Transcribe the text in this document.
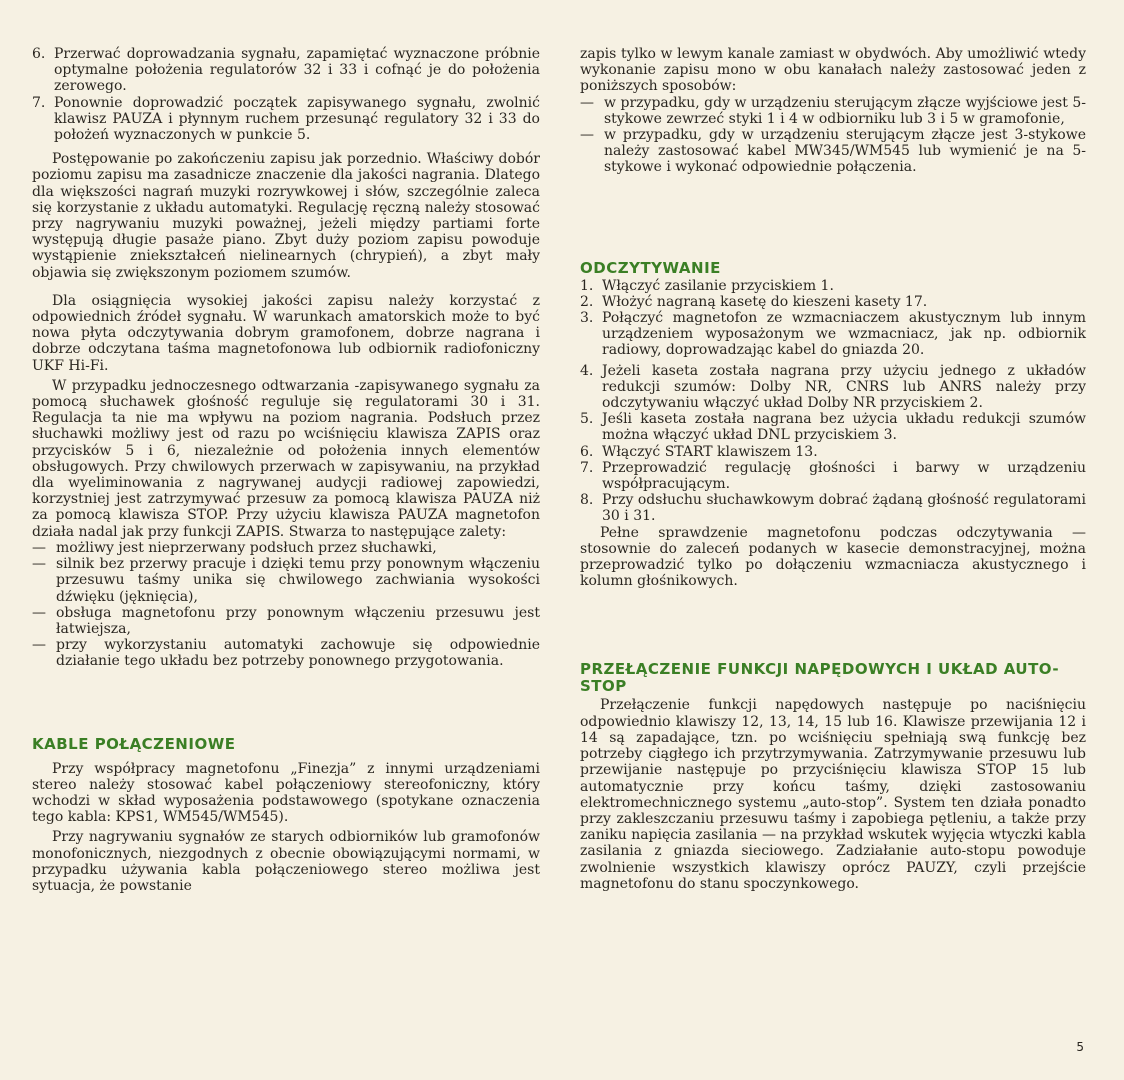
6. Przerwać doprowadzania sygnału, zapamiętać wyznaczone próbnie optymalne położenia regulatorów 32 i 33 i cofnąć je do położenia zerowego.
7. Ponownie doprowadzić początek zapisywanego sygnału, zwolnić klawisz PAUZA i płynnym ruchem przesunąć regulatory 32 i 33 do położeń wyznaczonych w punkcie 5.

Postępowanie po zakończeniu zapisu jak porzednio. Właściwy dobór poziomu zapisu ma zasadnicze znaczenie dla jakości nagrania. Dlatego dla większości nagrań muzyki rozrywkowej i słów, szczególnie zaleca się korzystanie z układu automatyki. Regulację ręczną należy stosować przy nagrywaniu muzyki poważnej, jeżeli między partiami forte występują długie pasaże piano. Zbyt duży poziom zapisu powoduje wystąpienie zniekształceń nielinearnych (chrypień), a zbyt mały objawia się zwiększonym poziomem szumów.

Dla osiągnięcia wysokiej jakości zapisu należy korzystać z odpowiednich źródeł sygnału. W warunkach amatorskich może to być nowa płyta odczytywania dobrym gramofonem, dobrze nagrana i dobrze odczytana taśma magnetofonowa lub odbiornik radiofoniczny UKF Hi-Fi.

W przypadku jednoczesnego odtwarzania -zapisywanego sygnału za pomocą słuchawek głośność reguluje się regulatorami 30 i 31. Regulacja ta nie ma wpływu na poziom nagrania. Podsłuch przez słuchawki możliwy jest od razu po wciśnięciu klawisza ZAPIS oraz przycisków 5 i 6, niezależnie od położenia innych elementów obsługowych. Przy chwilowych przerwach w zapisywaniu, na przykład dla wyeliminowania z nagrywanej audycji radiowej zapowiedzi, korzystniej jest zatrzymywać przesuw za pomocą klawisza PAUZA niż za pomocą klawisza STOP. Przy użyciu klawisza PAUZA magnetofon działa nadal jak przy funkcji ZAPIS. Stwarza to następujące zalety:

— możliwy jest nieprzerwany podsłuch przez słuchawki,
— silnik bez przerwy pracuje i dzięki temu przy ponownym włączeniu przesuwu taśmy unika się chwilowego zachwiania wysokości dźwięku (jęknięcia),
— obsługa magnetofonu przy ponownym włączeniu przesuwu jest łatwiejsza,
— przy wykorzystaniu automatyki zachowuje się odpowiednie działanie tego układu bez potrzeby ponownego przygotowania.
KABLE POŁĄCZENIOWE

Przy współpracy magnetofonu „Finezja” z innymi urządzeniami stereo należy stosować kabel połączeniowy stereofoniczny, który wchodzi w skład wyposażenia podstawowego (spotykane oznaczenia tego kabla: KPS1, WM545/WM545).

Przy nagrywaniu sygnałów ze starych odbiorników lub gramofonów monofonicznych, niezgodnych z obecnie obowiązującymi normami, w przypadku używania kabla połączeniowego stereo możliwa jest sytuacja, że powstanie

zapis tylko w lewym kanale zamiast w obydwóch. Aby umożliwić wtedy wykonanie zapisu mono w obu kanałach należy zastosować jeden z poniższych sposobów:

— w przypadku, gdy w urządzeniu sterującym złącze wyjściowe jest 5-stykowe zewrzeć styki 1 i 4 w odbiorniku lub 3 i 5 w gramofonie,
— w przypadku, gdy w urządzeniu sterującym złącze jest 3-stykowe należy zastosować kabel MW345/WM545 lub wymienić je na 5-stykowe i wykonać odpowiednie połączenia.
ODCZYTYWANIE
1. Włączyć zasilanie przyciskiem 1.
2. Włożyć nagraną kasetę do kieszeni kasety 17.
3. Połączyć magnetofon ze wzmacniaczem akustycznym lub innym urządzeniem wyposażonym we wzmacniacz, jak np. odbiornik radiowy, doprowadzając kabel do gniazda 20.
4. Jeżeli kaseta została nagrana przy użyciu jednego z układów redukcji szumów: Dolby NR, CNRS lub ANRS należy przy odczytywaniu włączyć układ Dolby NR przyciskiem 2.
5. Jeśli kaseta została nagrana bez użycia układu redukcji szumów można włączyć układ DNL przyciskiem 3.
6. Włączyć START klawiszem 13.
7. Przeprowadzić regulację głośności i barwy w urządzeniu współpracującym.
8. Przy odsłuchu słuchawkowym dobrać żądaną głośność regulatorami 30 i 31.

Pełne sprawdzenie magnetofonu podczas odczytywania — stosownie do zaleceń podanych w kasecie demonstracyjnej, można przeprowadzić tylko po dołączeniu wzmacniacza akustycznego i kolumn głośnikowych.

PRZEŁĄCZENIE FUNKCJI NAPĘDOWYCH I UKŁAD AUTO-STOP

Przełączenie funkcji napędowych następuje po naciśnięciu odpowiednio klawiszy 12, 13, 14, 15 lub 16. Klawisze przewijania 12 i 14 są zapadające, tzn. po wciśnięciu spełniają swą funkcję bez potrzeby ciągłego ich przytrzymywania. Zatrzymywanie przesuwu lub przewijanie następuje po przyciśnięciu klawisza STOP 15 lub automatycznie przy końcu taśmy, dzięki zastosowaniu elektromechnicznego systemu „auto-stop”. System ten działa ponadto przy zakleszczaniu przesuwu taśmy i zapobiega pętleniu, a także przy zaniku napięcia zasilania — na przykład wskutek wyjęcia wtyczki kabla zasilania z gniazda sieciowego. Zadziałanie auto-stopu powoduje zwolnienie wszystkich klawiszy oprócz PAUZY, czyli przejście magnetofonu do stanu spoczynkowego.

5
